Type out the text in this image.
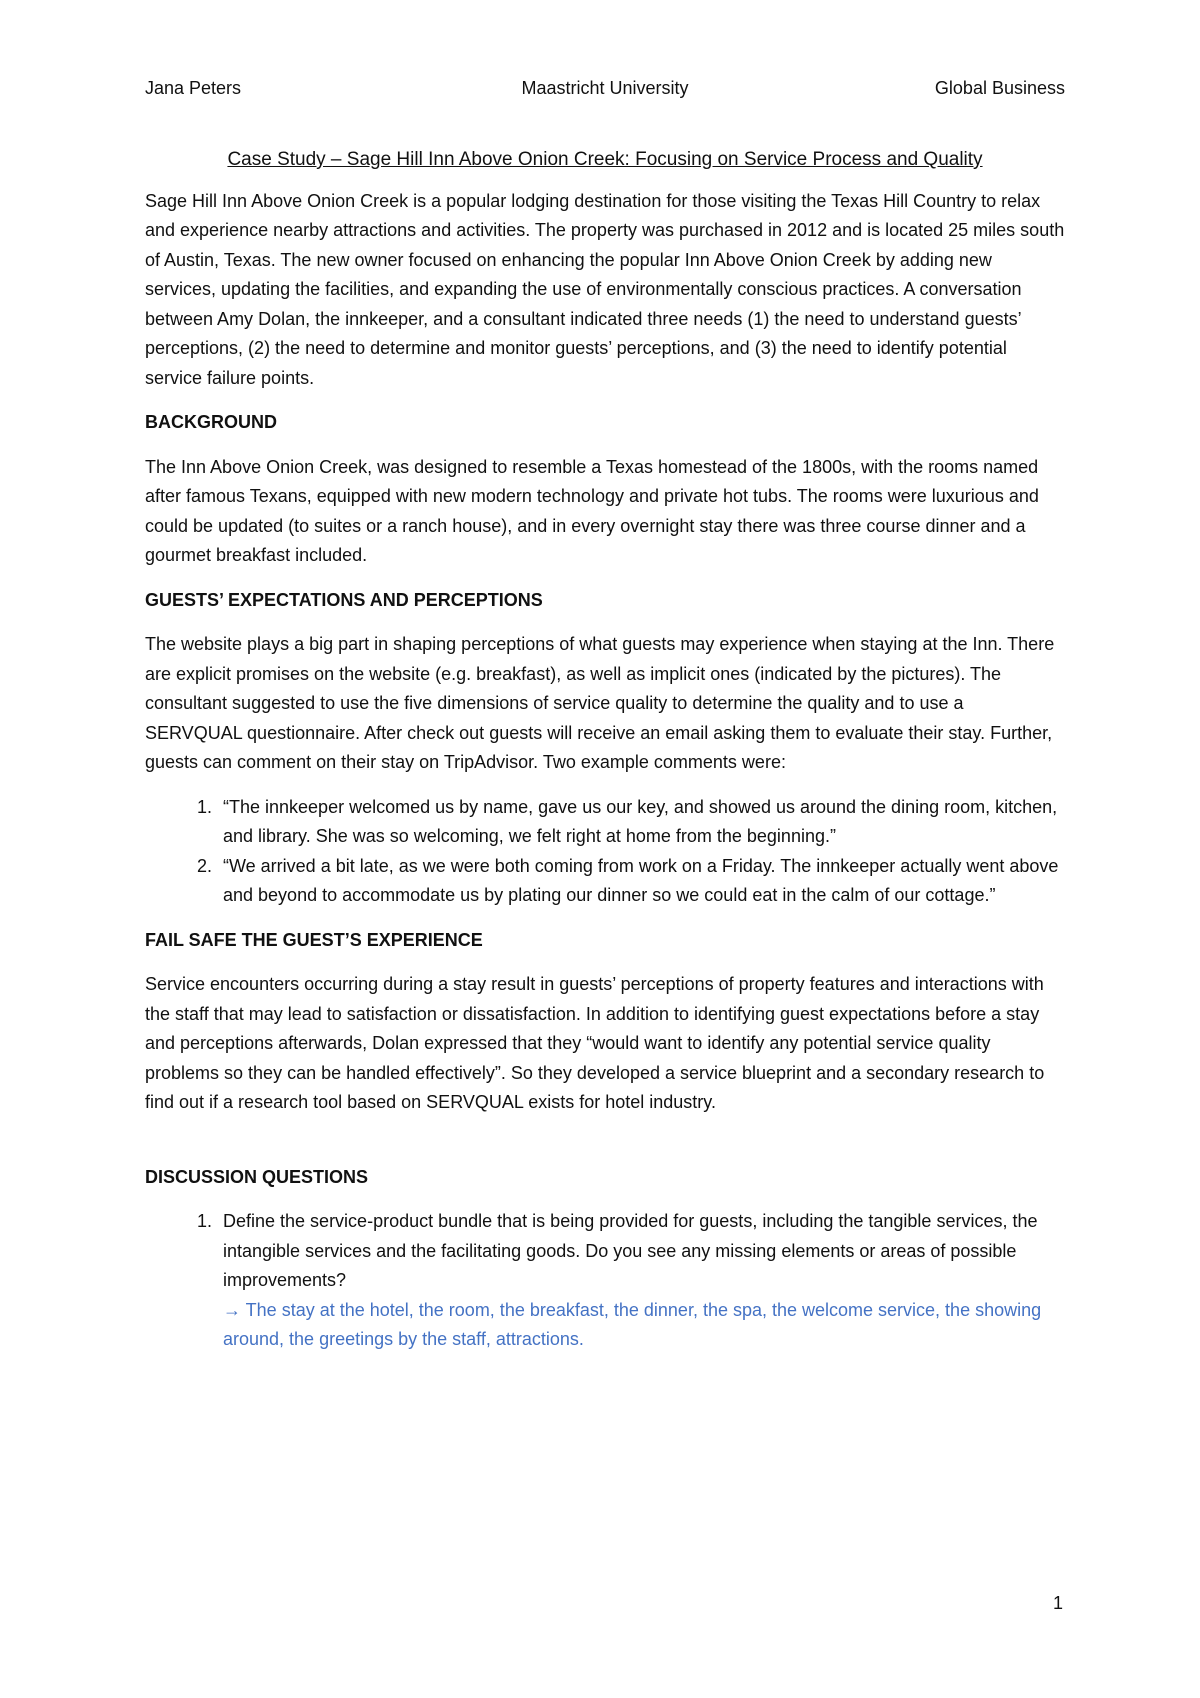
Jana Peters	Maastricht University	Global Business
Case Study – Sage Hill Inn Above Onion Creek: Focusing on Service Process and Quality

Sage Hill Inn Above Onion Creek is a popular lodging destination for those visiting the Texas Hill Country to relax and experience nearby attractions and activities. The property was purchased in 2012 and is located 25 miles south of Austin, Texas. The new owner focused on enhancing the popular Inn Above Onion Creek by adding new services, updating the facilities, and expanding the use of environmentally conscious practices. A conversation between Amy Dolan, the innkeeper, and a consultant indicated three needs (1) the need to understand guests’ perceptions, (2) the need to determine and monitor guests’ perceptions, and (3) the need to identify potential service failure points.

BACKGROUND

The Inn Above Onion Creek, was designed to resemble a Texas homestead of the 1800s, with the rooms named after famous Texans, equipped with new modern technology and private hot tubs. The rooms were luxurious and could be updated (to suites or a ranch house), and in every overnight stay there was three course dinner and a gourmet breakfast included.

GUESTS’ EXPECTATIONS AND PERCEPTIONS

The website plays a big part in shaping perceptions of what guests may experience when staying at the Inn. There are explicit promises on the website (e.g. breakfast), as well as implicit ones (indicated by the pictures). The consultant suggested to use the five dimensions of service quality to determine the quality and to use a SERVQUAL questionnaire. After check out guests will receive an email asking them to evaluate their stay. Further, guests can comment on their stay on TripAdvisor. Two example comments were:

1. “The innkeeper welcomed us by name, gave us our key, and showed us around the dining room, kitchen, and library. She was so welcoming, we felt right at home from the beginning.”
2. “We arrived a bit late, as we were both coming from work on a Friday. The innkeeper actually went above and beyond to accommodate us by plating our dinner so we could eat in the calm of our cottage.”
FAIL SAFE THE GUEST’S EXPERIENCE

Service encounters occurring during a stay result in guests’ perceptions of property features and interactions with the staff that may lead to satisfaction or dissatisfaction. In addition to identifying guest expectations before a stay and perceptions afterwards, Dolan expressed that they “would want to identify any potential service quality problems so they can be handled effectively”. So they developed a service blueprint and a secondary research to find out if a research tool based on SERVQUAL exists for hotel industry.

DISCUSSION QUESTIONS
1. Define the service-product bundle that is being provided for guests, including the tangible services, the intangible services and the facilitating goods. Do you see any missing elements or areas of possible improvements?
→ The stay at the hotel, the room, the breakfast, the dinner, the spa, the welcome service, the showing around, the greetings by the staff, attractions.
1
